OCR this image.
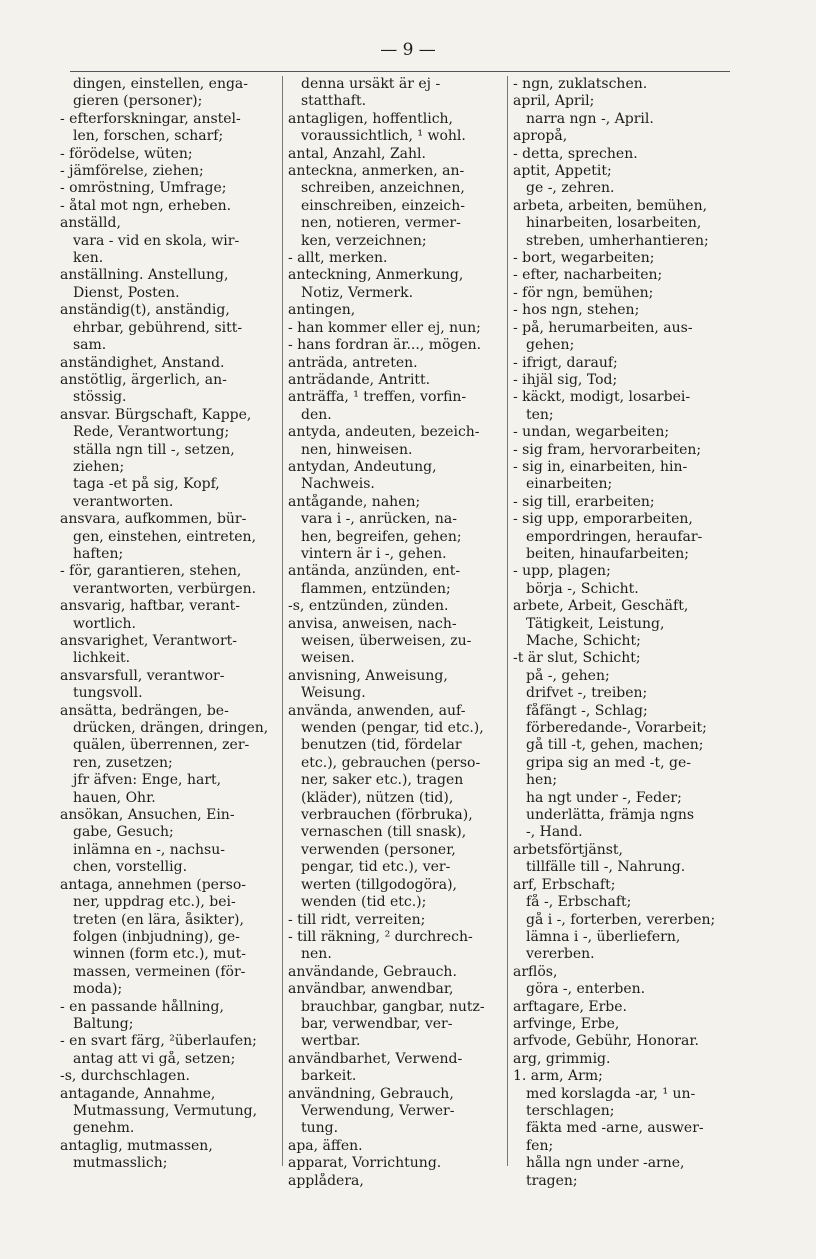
— 9 —
dingen, einstellen, enga-
gieren (personer);
- efterforskningar, anstel-
len, forschen, scharf;
- förödelse, wüten;
- jämförelse, ziehen;
- omröstning, Umfrage;
- åtal mot ngn, erheben.
anställd,
vara - vid en skola, wir-
ken.
anställning. Anstellung,
Dienst, Posten.
anständig(t), anständig,
ehrbar, gebührend, sitt-
sam.
anständighet, Anstand.
anstötlig, ärgerlich, an-
stössig.
ansvar. Bürgschaft, Kappe,
Rede, Verantwortung;
ställa ngn till -, setzen,
ziehen;
taga -et på sig, Kopf,
verantworten.
ansvara, aufkommen, bür-
gen, einstehen, eintreten,
haften;
- för, garantieren, stehen,
verantworten, verbürgen.
ansvarig, haftbar, verant-
wortlich.
ansvarighet, Verantwort-
lichkeit.
ansvarsfull, verantwor-
tungsvoll.
ansätta, bedrängen, be-
drücken, drängen, dringen,
quälen, überrennen, zer-
ren, zusetzen;
jfr äfven: Enge, hart,
hauen, Ohr.
ansökan, Ansuchen, Ein-
gabe, Gesuch;
inlämna en -, nachsu-
chen, vorstellig.
antaga, annehmen (perso-
ner, uppdrag etc.), bei-
treten (en lära, åsikter),
folgen (inbjudning), ge-
winnen (form etc.), mut-
massen, vermeinen (för-
moda);
- en passande hållning,
Baltung;
- en svart färg, ²überlaufen;
antag att vi gå, setzen;
-s, durchschlagen.
antagande, Annahme,
Mutmassung, Vermutung,
genehm.
antaglig, mutmassen,
mutmasslich;
denna ursäkt är ej -
statthaft.
antagligen, hoffentlich,
voraussichtlich, ¹ wohl.
antal, Anzahl, Zahl.
anteckna, anmerken, an-
schreiben, anzeichnen,
einschreiben, einzeich-
nen, notieren, vermer-
ken, verzeichnen;
- allt, merken.
anteckning, Anmerkung,
Notiz, Vermerk.
antingen,
- han kommer eller ej, nun;
- hans fordran är..., mögen.
anträda, antreten.
anträdande, Antritt.
anträffa, ¹ treffen, vorfin-
den.
antyda, andeuten, bezeich-
nen, hinweisen.
antydan, Andeutung,
Nachweis.
antågande, nahen;
vara i -, anrücken, na-
hen, begreifen, gehen;
vintern är i -, gehen.
antända, anzünden, ent-
flammen, entzünden;
-s, entzünden, zünden.
anvisa, anweisen, nach-
weisen, überweisen, zu-
weisen.
anvisning, Anweisung,
Weisung.
använda, anwenden, auf-
wenden (pengar, tid etc.),
benutzen (tid, fördelar
etc.), gebrauchen (perso-
ner, saker etc.), tragen
(kläder), nützen (tid),
verbrauchen (förbruka),
vernaschen (till snask),
verwenden (personer,
pengar, tid etc.), ver-
werten (tillgodogöra),
wenden (tid etc.);
- till ridt, verreiten;
- till räkning, ² durchrech-
nen.
användande, Gebrauch.
användbar, anwendbar,
brauchbar, gangbar, nutz-
bar, verwendbar, ver-
wertbar.
användbarhet, Verwend-
barkeit.
användning, Gebrauch,
Verwendung, Verwer-
tung.
apa, äffen.
apparat, Vorrichtung.
applådera,
- ngn, zuklatschen.
april, April;
narra ngn -, April.
apropå,
- detta, sprechen.
aptit, Appetit;
ge -, zehren.
arbeta, arbeiten, bemühen,
hinarbeiten, losarbeiten,
streben, umherhantieren;
- bort, wegarbeiten;
- efter, nacharbeiten;
- för ngn, bemühen;
- hos ngn, stehen;
- på, herumarbeiten, aus-
gehen;
- ifrigt, darauf;
- ihjäl sig, Tod;
- käckt, modigt, losarbei-
ten;
- undan, wegarbeiten;
- sig fram, hervorarbeiten;
- sig in, einarbeiten, hin-
einarbeiten;
- sig till, erarbeiten;
- sig upp, emporarbeiten,
empordringen, heraufar-
beiten, hinaufarbeiten;
- upp, plagen;
börja -, Schicht.
arbete, Arbeit, Geschäft,
Tätigkeit, Leistung,
Mache, Schicht;
-t är slut, Schicht;
på -, gehen;
drifvet -, treiben;
fåfängt -, Schlag;
förberedande-, Vorarbeit;
gå till -t, gehen, machen;
gripa sig an med -t, ge-
hen;
ha ngt under -, Feder;
underlätta, främja ngns
-, Hand.
arbetsförtjänst,
tillfälle till -, Nahrung.
arf, Erbschaft;
få -, Erbschaft;
gå i -, forterben, vererben;
lämna i -, überliefern,
vererben.
arflös,
göra -, enterben.
arftagare, Erbe.
arfvinge, Erbe,
arfvode, Gebühr, Honorar.
arg, grimmig.
1. arm, Arm;
med korslagda -ar, ¹ un-
terschlagen;
fäkta med -arne, auswer-
fen;
hålla ngn under -arne,
tragen;
